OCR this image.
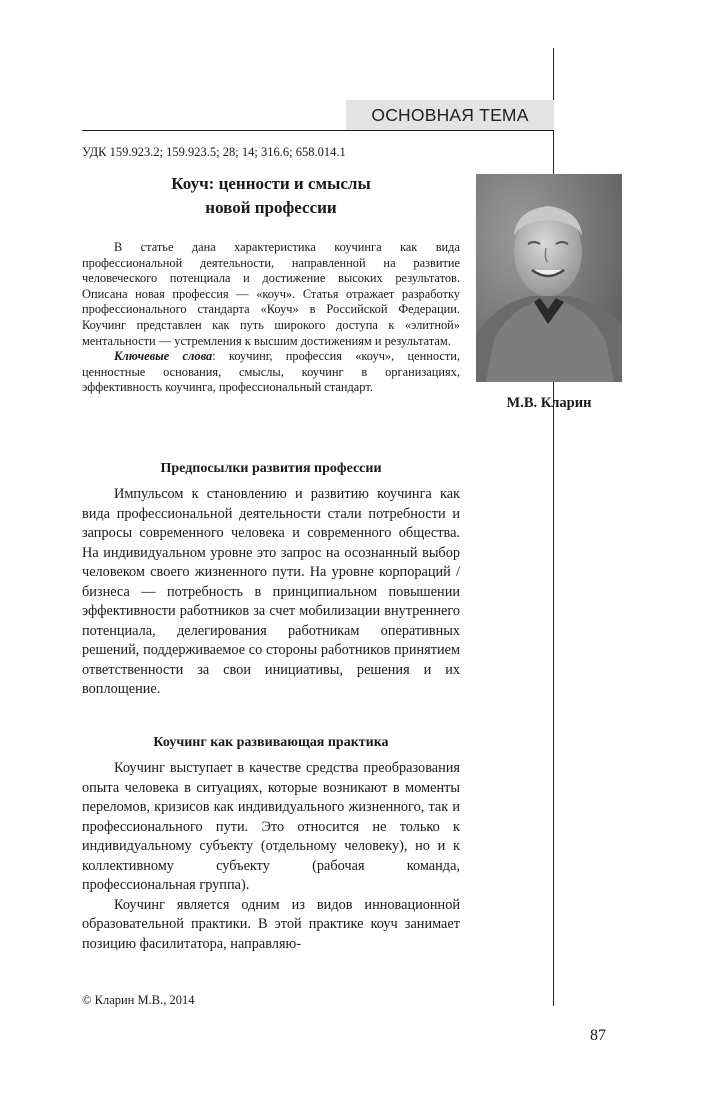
ОСНОВНАЯ ТЕМА
УДК 159.923.2; 159.923.5; 28; 14; 316.6; 658.014.1
Коуч: ценности и смыслы
новой профессии
М.В. Кларин

В статье дана характеристика коучинга как вида профессиональной деятельности, направленной на развитие человеческого потенциала и достижение высоких результатов. Описана новая профессия — «коуч». Статья отражает разработку профессионального стандарта «Коуч» в Российской Федерации. Коучинг представлен как путь широкого доступа к «элитной» ментальности — устремления к высшим достижениям и результатам.

Ключевые слова: коучинг, профессия «коуч», ценности, ценностные основания, смыслы, коучинг в организациях, эффективность коучинга, профессиональный стандарт.

Предпосылки развития профессии

Импульсом к становлению и развитию коучинга как вида профессиональной деятельности стали потребности и запросы современного человека и современного общества. На индивидуальном уровне это запрос на осознанный выбор человеком своего жизненного пути. На уровне корпораций / бизнеса — потребность в принципиальном повышении эффективности работников за счет мобилизации внутреннего потенциала, делегирования работникам оперативных решений, поддерживаемое со стороны работников принятием ответственности за свои инициативы, решения и их воплощение.

Коучинг как развивающая практика

Коучинг выступает в качестве средства преобразования опыта человека в ситуациях, которые возникают в моменты переломов, кризисов как индивидуального жизненного, так и профессионального пути. Это относится не только к индивидуальному субъекту (отдельному человеку), но и к коллективному субъекту (рабочая команда, профессиональная группа).

Коучинг является одним из видов инновационной образовательной практики. В этой практике коуч занимает позицию фасилитатора, направляю-

© Кларин М.В., 2014
87
